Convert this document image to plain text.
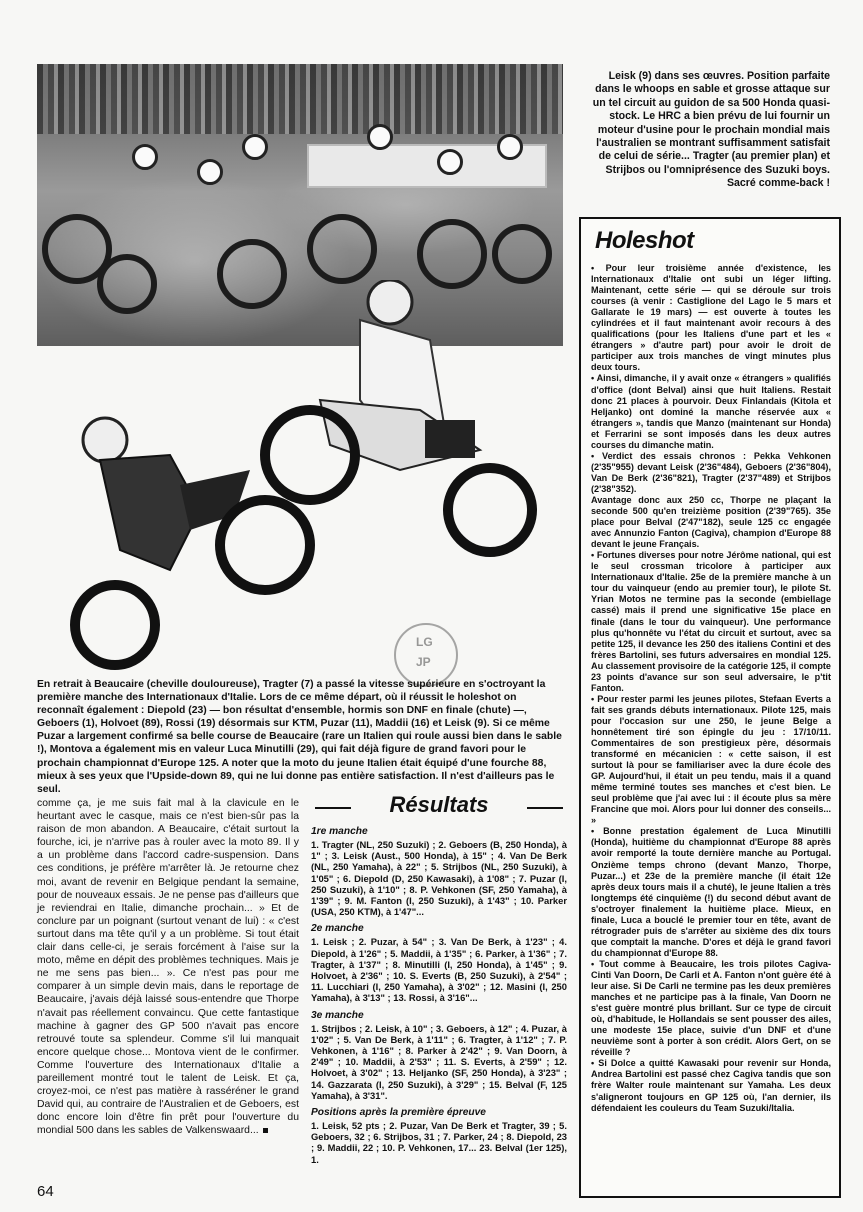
Leisk (9) dans ses œuvres. Position parfaite dans le whoops en sable et grosse attaque sur un tel circuit au guidon de sa 500 Honda quasi-stock. Le HRC a bien prévu de lui fournir un moteur d'usine pour le prochain mondial mais l'australien se montrant suffisamment satisfait de celui de série... Tragter (au premier plan) et Strijbos ou l'omniprésence des Suzuki boys. Sacré comme-back !
Holeshot
• Pour leur troisième année d'existence, les Internationaux d'Italie ont subi un léger lifting. Maintenant, cette série — qui se déroule sur trois courses (à venir : Castiglione del Lago le 5 mars et Gallarate le 19 mars) — est ouverte à toutes les cylindrées et il faut maintenant avoir recours à des qualifications (pour les Italiens d'une part et les « étrangers » d'autre part) pour avoir le droit de participer aux trois manches de vingt minutes plus deux tours.
• Ainsi, dimanche, il y avait onze « étrangers » qualifiés d'office (dont Belval) ainsi que huit Italiens. Restait donc 21 places à pourvoir. Deux Finlandais (Kitola et Heljanko) ont dominé la manche réservée aux « étrangers », tandis que Manzo (maintenant sur Honda) et Ferrarini se sont imposés dans les deux autres courses du dimanche matin.
• Verdict des essais chronos : Pekka Vehkonen (2'35"955) devant Leisk (2'36"484), Geboers (2'36"804), Van De Berk (2'36"821), Tragter (2'37"489) et Strijbos (2'38"352).
Avantage donc aux 250 cc, Thorpe ne plaçant la seconde 500 qu'en treizième position (2'39"765). 35e place pour Belval (2'47"182), seule 125 cc engagée avec Annunzio Fanton (Cagiva), champion d'Europe 88 devant le jeune Français.
• Fortunes diverses pour notre Jérôme national, qui est le seul crossman tricolore à participer aux Internationaux d'Italie. 25e de la première manche à un tour du vainqueur (endo au premier tour), le pilote St. Yrian Motos ne termine pas la seconde (embiellage cassé) mais il prend une significative 15e place en finale (dans le tour du vainqueur). Une performance plus qu'honnête vu l'état du circuit et surtout, avec sa petite 125, il devance les 250 des italiens Contini et des frères Bartolini, ses futurs adversaires en mondial 125. Au classement provisoire de la catégorie 125, il compte 23 points d'avance sur son seul adversaire, le p'tit Fanton.
• Pour rester parmi les jeunes pilotes, Stefaan Everts a fait ses grands débuts internationaux. Pilote 125, mais pour l'occasion sur une 250, le jeune Belge a honnêtement tiré son épingle du jeu : 17/10/11. Commentaires de son prestigieux père, désormais transformé en mécanicien : « cette saison, il est surtout là pour se familiariser avec la dure école des GP. Aujourd'hui, il était un peu tendu, mais il a quand même terminé toutes ses manches et c'est bien. Le seul problème que j'ai avec lui : il écoute plus sa mère Francine que moi. Alors pour lui donner des conseils... »
• Bonne prestation également de Luca Minutilli (Honda), huitième du championnat d'Europe 88 après avoir remporté la toute dernière manche au Portugal. Onzième temps chrono (devant Manzo, Thorpe, Puzar...) et 23e de la première manche (il était 12e après deux tours mais il a chuté), le jeune Italien a très longtemps été cinquième (!) du second début avant de s'octroyer finalement la huitième place. Mieux, en finale, Luca a bouclé le premier tour en tête, avant de rétrograder puis de s'arrêter au sixième des dix tours que comptait la manche. D'ores et déjà le grand favori du championnat d'Europe 88.
• Tout comme à Beaucaire, les trois pilotes Cagiva-Cinti Van Doorn, De Carli et A. Fanton n'ont guère été à leur aise. Si De Carli ne termine pas les deux premières manches et ne participe pas à la finale, Van Doorn ne s'est guère montré plus brillant. Sur ce type de circuit où, d'habitude, le Hollandais se sent pousser des ailes, une modeste 15e place, suivie d'un DNF et d'une neuvième sont à porter à son crédit. Alors Gert, on se réveille ?
• Si Dolce a quitté Kawasaki pour revenir sur Honda, Andrea Bartolini est passé chez Cagiva tandis que son frère Walter roule maintenant sur Yamaha. Les deux s'aligneront toujours en GP 125 où, l'an dernier, ils défendaient les couleurs du Team Suzuki/Italia.
LG
JP
En retrait à Beaucaire (cheville douloureuse), Tragter (7) a passé la vitesse supérieure en s'octroyant la première manche des Internationaux d'Italie. Lors de ce même départ, où il réussit le holeshot on reconnaît également : Diepold (23) — bon résultat d'ensemble, hormis son DNF en finale (chute) —, Geboers (1), Holvoet (89), Rossi (19) désormais sur KTM, Puzar (11), Maddii (16) et Leisk (9). Si ce même Puzar a largement confirmé sa belle course de Beaucaire (rare un Italien qui roule aussi bien dans le sable !), Montova a également mis en valeur Luca Minutilli (29), qui fait déjà figure de grand favori pour le prochain championnat d'Europe 125. A noter que la moto du jeune Italien était équipé d'une fourche 88, mieux à ses yeux que l'Upside-down 89, qui ne lui donne pas entière satisfaction. Il n'est d'ailleurs pas le seul.
comme ça, je me suis fait mal à la clavicule en le heurtant avec le casque, mais ce n'est bien-sûr pas la raison de mon abandon. A Beaucaire, c'était surtout la fourche, ici, je n'arrive pas à rouler avec la moto 89. Il y a un problème dans l'accord cadre-suspension. Dans ces conditions, je préfère m'arrêter là. Je retourne chez moi, avant de revenir en Belgique pendant la semaine, pour de nouveaux essais. Je ne pense pas d'ailleurs que je reviendrai en Italie, dimanche prochain... » Et de conclure par un poignant (surtout venant de lui) : « c'est surtout dans ma tête qu'il y a un problème. Si tout était clair dans celle-ci, je serais forcément à l'aise sur la moto, même en dépit des problèmes techniques. Mais je ne me sens pas bien... ». Ce n'est pas pour me comparer à un simple devin mais, dans le reportage de Beaucaire, j'avais déjà laissé sous-entendre que Thorpe n'avait pas réellement convaincu. Que cette fantastique machine à gagner des GP 500 n'avait pas encore retrouvé toute sa splendeur. Comme s'il lui manquait encore quelque chose... Montova vient de le confirmer. Comme l'ouverture des Internationaux d'Italie a pareillement montré tout le talent de Leisk. Et ça, croyez-moi, ce n'est pas matière à rasséréner le grand David qui, au contraire de l'Australien et de Geboers, est donc encore loin d'être fin prêt pour l'ouverture du mondial 500 dans les sables de Valkenswaard...
Résultats
1re manche
1. Tragter (NL, 250 Suzuki) ; 2. Geboers (B, 250 Honda), à 1" ; 3. Leisk (Aust., 500 Honda), à 15" ; 4. Van De Berk (NL, 250 Yamaha), à 22" ; 5. Strijbos (NL, 250 Suzuki), à 1'05" ; 6. Diepold (D, 250 Kawasaki), à 1'08" ; 7. Puzar (I, 250 Suzuki), à 1'10" ; 8. P. Vehkonen (SF, 250 Yamaha), à 1'39" ; 9. M. Fanton (I, 250 Suzuki), à 1'43" ; 10. Parker (USA, 250 KTM), à 1'47"...
2e manche
1. Leisk ; 2. Puzar, à 54" ; 3. Van De Berk, à 1'23" ; 4. Diepold, à 1'26" ; 5. Maddii, à 1'35" ; 6. Parker, à 1'36" ; 7. Tragter, à 1'37" ; 8. Minutilli (I, 250 Honda), à 1'45" ; 9. Holvoet, à 2'36" ; 10. S. Everts (B, 250 Suzuki), à 2'54" ; 11. Lucchiari (I, 250 Yamaha), à 3'02" ; 12. Masini (I, 250 Yamaha), à 3'13" ; 13. Rossi, à 3'16"...
3e manche
1. Strijbos ; 2. Leisk, à 10" ; 3. Geboers, à 12" ; 4. Puzar, à 1'02" ; 5. Van De Berk, à 1'11" ; 6. Tragter, à 1'12" ; 7. P. Vehkonen, à 1'16" ; 8. Parker à 2'42" ; 9. Van Doorn, à 2'49" ; 10. Maddii, à 2'53" ; 11. S. Everts, à 2'59" ; 12. Holvoet, à 3'02" ; 13. Heljanko (SF, 250 Honda), à 3'23" ; 14. Gazzarata (I, 250 Suzuki), à 3'29" ; 15. Belval (F, 125 Yamaha), à 3'31".
Positions après la première épreuve
1. Leisk, 52 pts ; 2. Puzar, Van De Berk et Tragter, 39 ; 5. Geboers, 32 ; 6. Strijbos, 31 ; 7. Parker, 24 ; 8. Diepold, 23 ; 9. Maddii, 22 ; 10. P. Vehkonen, 17... 23. Belval (1er 125), 1.
64
